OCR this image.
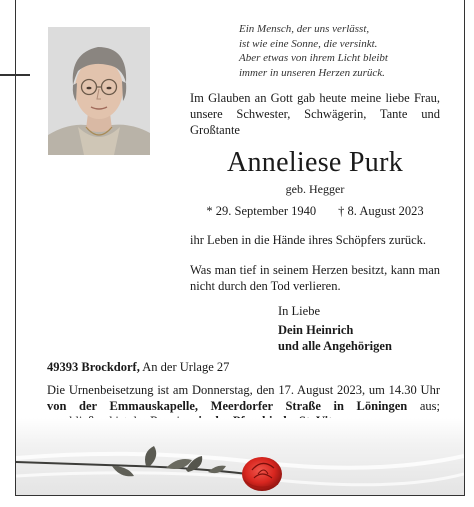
Ein Mensch, der uns verlässt,
ist wie eine Sonne, die versinkt.
Aber etwas von ihrem Licht bleibt
immer in unseren Herzen zurück.
Im Glauben an Gott gab heute meine liebe Frau, unsere Schwester, Schwägerin, Tante und Großtante
Anneliese Purk
geb. Hegger
* 29. September 1940 † 8. August 2023
ihr Leben in die Hände ihres Schöpfers zurück.
Was man tief in seinem Herzen besitzt, kann man nicht durch den Tod verlieren.
In Liebe
Dein Heinrich
und alle Angehörigen
49393 Brockdorf, An der Urlage 27
Die Urnenbeisetzung ist am Donnerstag, den 17. August 2023, um 14.30 Uhr von der Emmauskapelle, Meerdorfer Straße in Löningen aus;
